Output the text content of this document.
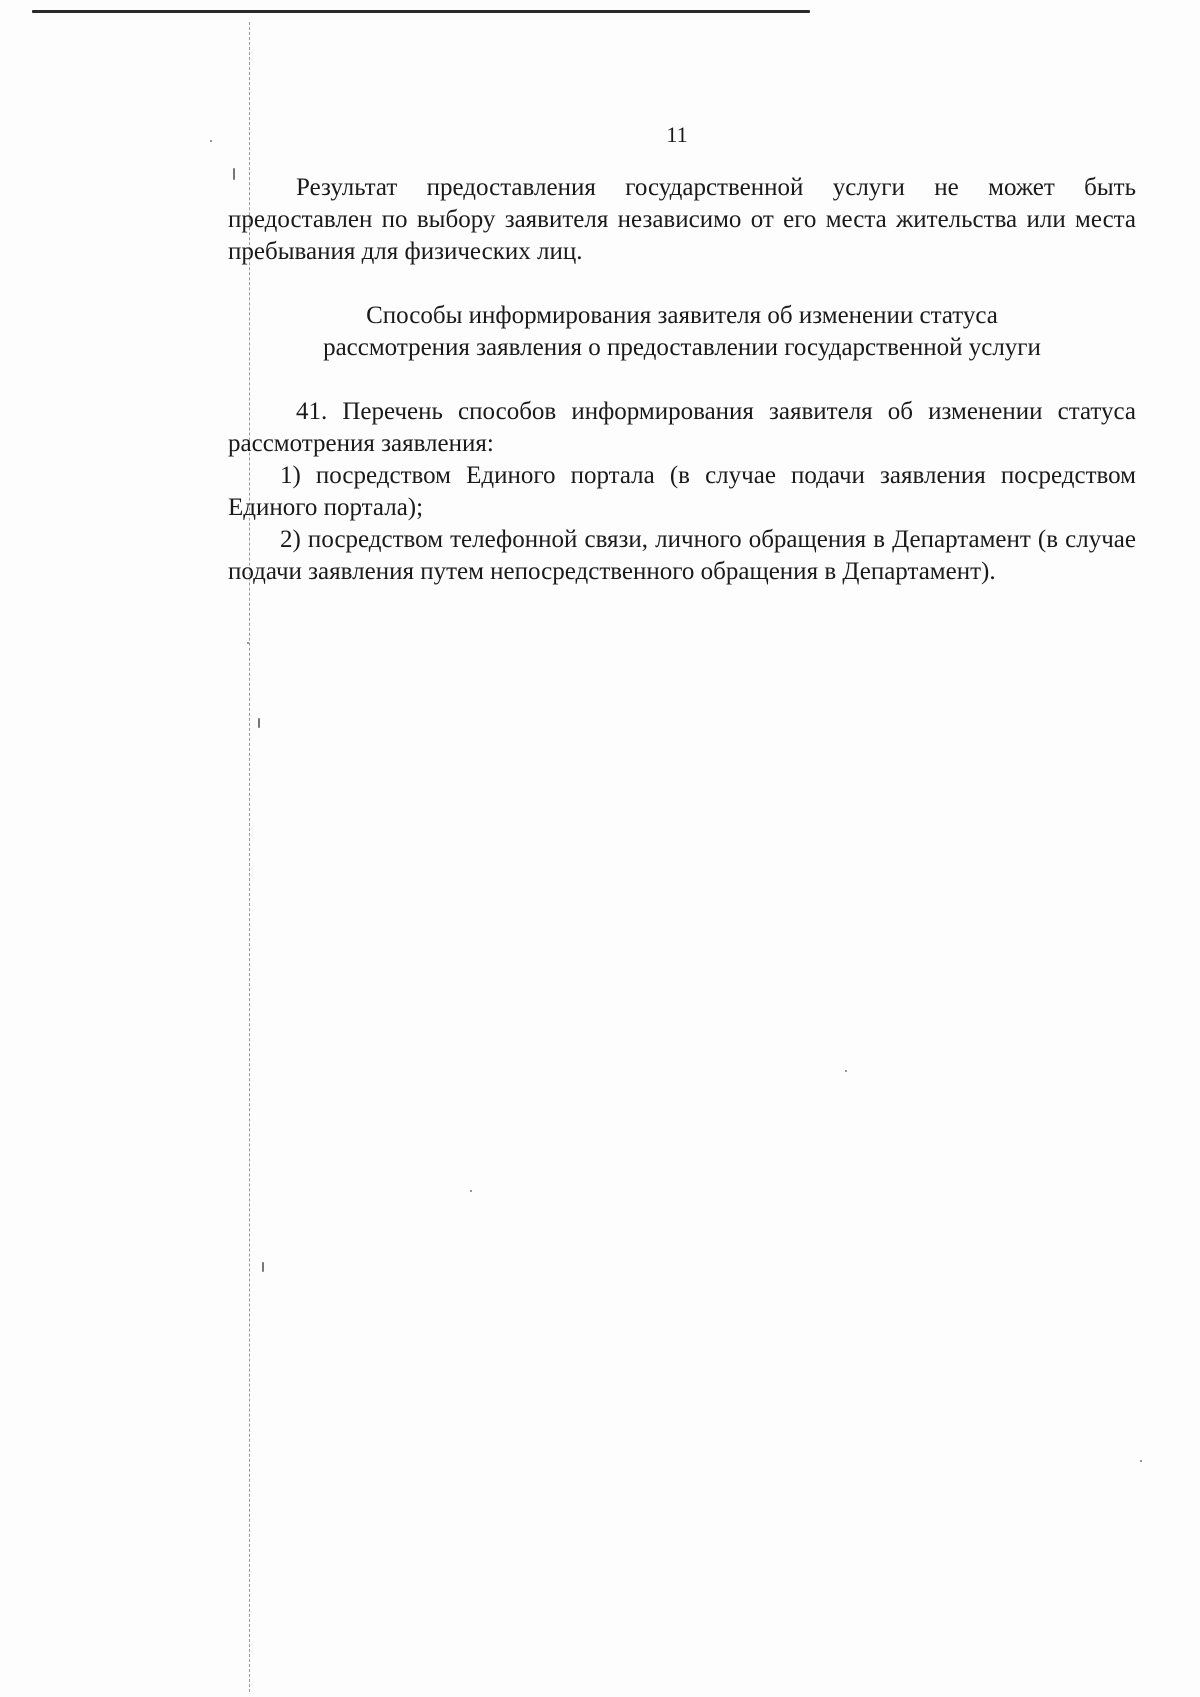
11

Результат предоставления государственной услуги не может быть предоставлен по выбору заявителя независимо от его места жительства или места пребывания для физических лиц.

Способы информирования заявителя об изменении статуса
рассмотрения заявления о предоставлении государственной услуги

41. Перечень способов информирования заявителя об изменении статуса рассмотрения заявления:

1) посредством Единого портала (в случае подачи заявления посредством Единого портала);

2) посредством телефонной связи, личного обращения в Департамент (в случае подачи заявления путем непосредственного обращения в Департамент).
